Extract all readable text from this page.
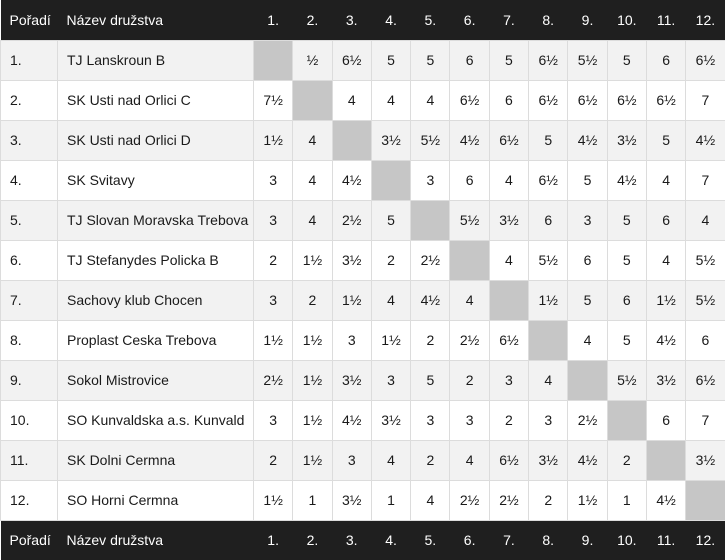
Pořadí	Název družstva	1.	2.	3.	4.	5.	6.	7.	8.	9.	10.	11.	12.
1.	TJ Lanskroun B		½	6½	5	5	6	5	6½	5½	5	6	6½
2.	SK Usti nad Orlici C	7½		4	4	4	6½	6	6½	6½	6½	6½	7
3.	SK Usti nad Orlici D	1½	4		3½	5½	4½	6½	5	4½	3½	5	4½
4.	SK Svitavy	3	4	4½		3	6	4	6½	5	4½	4	7
5.	TJ Slovan Moravska Trebova	3	4	2½	5		5½	3½	6	3	5	6	4
6.	TJ Stefanydes Policka B	2	1½	3½	2	2½		4	5½	6	5	4	5½
7.	Sachovy klub Chocen	3	2	1½	4	4½	4		1½	5	6	1½	5½
8.	Proplast Ceska Trebova	1½	1½	3	1½	2	2½	6½		4	5	4½	6
9.	Sokol Mistrovice	2½	1½	3½	3	5	2	3	4		5½	3½	6½
10.	SO Kunvaldska a.s. Kunvald	3	1½	4½	3½	3	3	2	3	2½		6	7
11.	SK Dolni Cermna	2	1½	3	4	2	4	6½	3½	4½	2		3½
12.	SO Horni Cermna	1½	1	3½	1	4	2½	2½	2	1½	1	4½	
Pořadí	Název družstva	1.	2.	3.	4.	5.	6.	7.	8.	9.	10.	11.	12.
